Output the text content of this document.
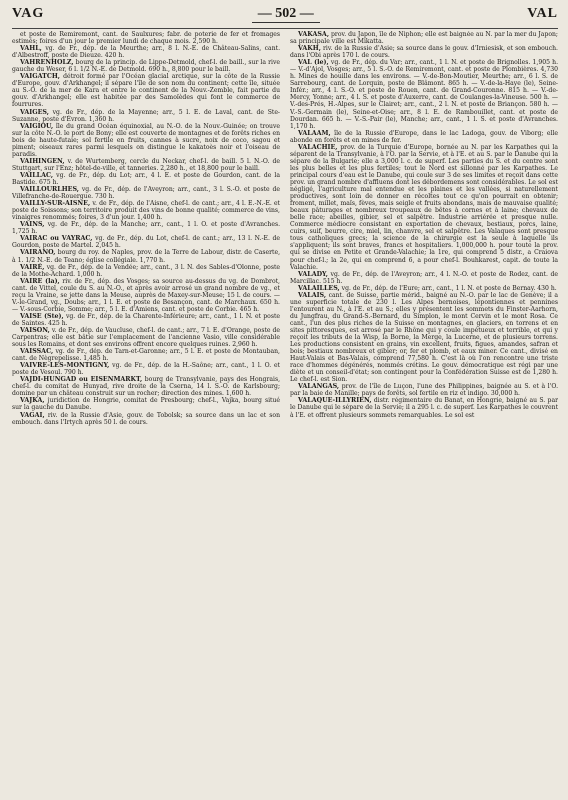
VAG	— 502 —	VAL

et poste de Remiremont, cant. de Saulxures; fabr. de poterie de fer et fromages estimés; foires d'un jour le premier lundi de chaque mois. 2,590 h.

VAHL, vg. de Fr., dép. de la Meurthe; arr., 8 l. N.-E. de Château-Salins, cant. d'Albestroff, poste de Dieuze. 420 h.

VAHRENHOLZ, bourg de la princip. de Lippe-Detmold, chef-l. de baill., sur la rive gauche du Weser, 6 l. 1/2 N.-E. de Detmold. 690 h., 8,800 pour le baill.

VAIGATCH, détroit formé par l'Océan glacial arctique, sur la côte de la Russie d'Europe, gouv. d'Arkhangel; il sépare l'île de son nom du continent; cette île, située au S.-O. de la mer de Kara et entre le continent de la Nouv.-Zemble, fait partie du gouv. d'Arkhangel; elle est habitée par des Samoïèdes qui font le commerce de fourrures.

VAIGES, vg. de Fr., dép. de la Mayenne; arr., 5 l. E. de Laval, cant. de Ste-Suzanne, poste d'Évron. 1,360 h.

VAIGIOU, île du grand Océan équinoxial, au N.-O. de la Nouv.-Guinée; on trouve sur la côte N.-O. le port de Bony; elle est couverte de montagnes et de forêts riches en bois de haute-futaie; sol fertile en fruits, cannes à sucre, noix de coco, sagou et piment; oiseaux rares parmi lesquels on distingue le kakatoès noir et l'oiseau de paradis.

VAIHINGEN, v. de Wurtemberg, cercle du Neckar, chef-l. de baill. 5 l. N.-O. de Stuttgart, sur l'Enz; hôtel-de-ville, et tanneries. 2,280 h., et 18,800 pour le baill.

VAILLAC, vg. de Fr., dép. du Lot; arr., 4 l. E. et poste de Gourdon, cant. de la Bastide. 675 h.

VAILLOURLHES, vg. de Fr., dép. de l'Aveyron; arr., cant., 3 l. S.-O. et poste de Villefranche-de-Rouergue. 730 h.

VAILLY-SUR-AISNE, v. de Fr., dép. de l'Aisne, chef-l. de cant.; arr., 4 l. E.-N.-E. et poste de Soissons; son territoire produit des vins de bonne qualité; commerce de vins, vinaigres renommés; foires, 3 d'un jour. 1,400 h.

VAINS, vg. de Fr., dép. de la Manche; arr., cant., 1 l. O. et poste d'Avranches. 1,725 h.

VAIRAC ou VAYRAC, vg. de Fr., dép. du Lot, chef-l. de cant.; arr., 13 l. N.-E. de Gourdon, poste de Martel. 2,045 h.

VAIRANO, bourg du roy. de Naples, prov. de la Terre de Labour, distr. de Caserte, à 1. 1/2 N.-E. de Teano; église collégiale. 1,770 h.

VAIRÉ, vg. de Fr., dép. de la Vendée; arr., cant., 3 l. N. des Sables-d'Olonne, poste de la Mothe-Achard. 1,000 h.

VAIRE (la), riv. de Fr., dép. des Vosges; sa source au-dessus du vg. de Dombrot, cant. de Vittel, coule du S. au N.-O., et après avoir arrosé un grand nombre de vg., et reçu la Vraine, se jette dans la Meuse, auprès de Maxey-sur-Meuse; 15 l. de cours. — V.-le-Grand, vg., Doubs; arr., 1 l. E. et poste de Besançon, cant. de Marchaux. 650 h. — V.-sous-Corbie, Somme; arr., 5 l. E. d'Amiens, cant. et poste de Corbie. 465 h.

VAISE (Ste), vg. de Fr., dép. de la Charente-Inférieure; arr., cant., 1 l. N. et poste de Saintes. 425 h.

VAISON, v. de Fr., dép. de Vaucluse, chef-l. de cant.; arr., 7 l. E. d'Orange, poste de Carpentras; elle est bâtie sur l'emplacement de l'ancienne Vasio, ville considérable sous les Romains, et dont ses environs offrent encore quelques ruines. 2,960 h.

VAISSAC, vg. de Fr., dép. de Tarn-et-Garonne; arr., 5 l. E. et poste de Montauban, cant. de Nègrepelisse. 1,485 h.

VAIVRE-LES-MONTIGNY, vg. de Fr., dép. de la H.-Saône; arr., cant., 1 l. O. et poste de Vesoul. 790 h.

VAJDI-HUNGAD ou EISENMARKT, bourg de Transylvanie, pays des Hongrais, chef-l. du comitat de Hunyad, rive droite de la Cserna, 14 l. S.-O. de Karlsbourg; domine par un château construit sur un rocher; direction des mines. 1,600 h.

VAJKA, juridiction de Hongrie, comitat de Presbourg; chef-l., Vajka, bourg situé sur la gauche du Danube.

VAGAI, riv. de la Russie d'Asie, gouv. de Tobolsk; sa source dans un lac et son embouch. dans l'Irtych après 50 l. de cours.

VAKASA, prov. du Japon, île de Niphon; elle est baignée au N. par la mer du Japon; sa principale ville est Mikatta.

VAKH, riv. de la Russie d'Asie; sa source dans le gouv. d'Irniesisk, et son embouch. dans l'Obi après 170 l. de cours.

VAL (le), vg. de Fr., dép. du Var; arr., cant., 1 l. N. et poste de Brignolles. 1,905 h. — V.-d'Ajol, Vosges; arr., 5 l. S.-O. de Remiremont, cant. et poste de Plombières. 4,730 h. Mines de houille dans les environs. — V.-de-Bon-Moutier, Meurthe; arr., 6 l. S. de Sarrebourg, cant. de Lorquin, poste de Blâmont. 865 h. — V.-de-la-Haye (le), Seine-Infér.; arr., 4 l. S.-O. et poste de Rouen, cant. de Grand-Couronne. 815 h. — V.-de-Mercy, Yonne; arr., 4 l. S. et poste d'Auxerre, cant. de Coulanges-la-Vineuse. 500 h. — V.-des-Prés, H.-Alpes, sur le Clairet; arr., cant., 2 l. N. et poste de Briançon. 580 h. — V.-S.-Germain (le), Seine-et-Oise; arr., 8 l. E. de Rambouillet, cant. et poste de Dourdan. 665 h. — V.-S.-Pair (le), Manche; arr., cant., 1 l. S. et poste d'Avranches. 1,170 h.

VALAAM, île de la Russie d'Europe, dans le lac Ladoga, gouv. de Viborg; elle abonde en forêts et en mines de fer.

VALACHIE, prov. de la Turquie d'Europe, bornée au N. par les Karpathes qui la séparent de la Transylvanie, à l'O. par la Servie, et à l'E. et au S. par le Danube qui la sépare de la Bulgarie; elle a 3,000 l. c. de superf. Les parties du S. et du centre sont les plus belles et les plus fertiles; tout le Nord est sillonné par les Karpathes. Le principal cours d'eau est le Danube, qui coule sur 3 de ses limites et reçoit dans cette prov. un grand nombre d'affluens dont les débordemens sont considérables. Le sol est négligé, l'agriculture mal entendue et les plaines et les vallées, si naturellement productives, sont loin de donner en récoltes tout ce qu'on pourrait en obtenir; froment, millet, maïs, fèves, mais seigle et fruits abondans, mais de mauvaise qualité; beaux pâturages et nombreux troupeaux de bêtes à cornes et à laine; chevaux de belle race; abeilles, gibier, sel et salpêtre. Industrie arriérée et presque nulle. Commerce médiocre consistant en exportation de chevaux, bestiaux, porcs, laine, cuirs, suif, beurre, cire, miel, lin, chanvre, sel et salpêtre. Les Valaques sont presque tous catholiques grecs; la science de la chirurgie est la seule à laquelle ils s'appliquent; ils sont braves, francs et hospitaliers. 1,000,000 h. pour toute la prov. qui se divise en Petite et Grande-Valachie; la 1re, qui comprend 5 distr., a Craiova pour chef-l.; la 2e, qui en comprend 6, a pour chef-l. Bouhkarest, capit. de toute la Valachie.

VALADY, vg. de Fr., dép. de l'Aveyron; arr., 4 l. N.-O. et poste de Rodez, cant. de Marcillac. 515 h.

VALAILLES, vg. de Fr., dép. de l'Eure; arr., cant., 1 l. N. et poste de Bernay. 430 h.

VALAIS, cant. de Suisse, partie mérid., baigné au N.-O. par le lac de Genève; il a une superficie totale de 230 l. Les Alpes bernoises, lépontiennes et pennines l'entourent au N., à l'E. et au S.; elles y présentent les sommets du Finster-Aarhorn, du Jungfrau, du Grand-S.-Bernard, du Simplon, le mont Cervin et le mont Rosa. Ce cant., l'un des plus riches de la Suisse en montagnes, en glaciers, en torrens et en sites pittoresques, est arrosé par le Rhône qui y coule impétueux et terrible, et qui y reçoit les tributs de la Wisp, la Borne, la Merge, la Lucerne, et de plusieurs torrens. Les productions consistent en grains, vin excellent, fruits, figues, amandes, safran et bois; bestiaux nombreux et gibier; or, fer et plomb, et eaux miner. Ce cant., divisé en Haut-Valais et Bas-Valais, comprend 77,580 h. C'est là où l'on rencontre une triste race d'hommes dégénérés, nommés crétins. Le gouv. démocratique est régi par une diète et un conseil-d'état; son contingent pour la Confédération Suisse est de 1,280 h. Le chef-l. est Sion.

VALANGAS, prov. de l'île de Luçon, l'une des Philippines, baignée au S. et à l'O. par la baie de Manille; pays de forêts, sol fertile en riz et indigo. 30,000 h.

VALAQUE-ILLYRIEN, distr. régimentaire du Banat, en Hongrie, baigné au S. par le Danube qui le sépare de la Servie; il a 295 l. c. de superf. Les Karpathes le couvrent à l'E. et offrent plusieurs sommets remarquables. Le sol est
